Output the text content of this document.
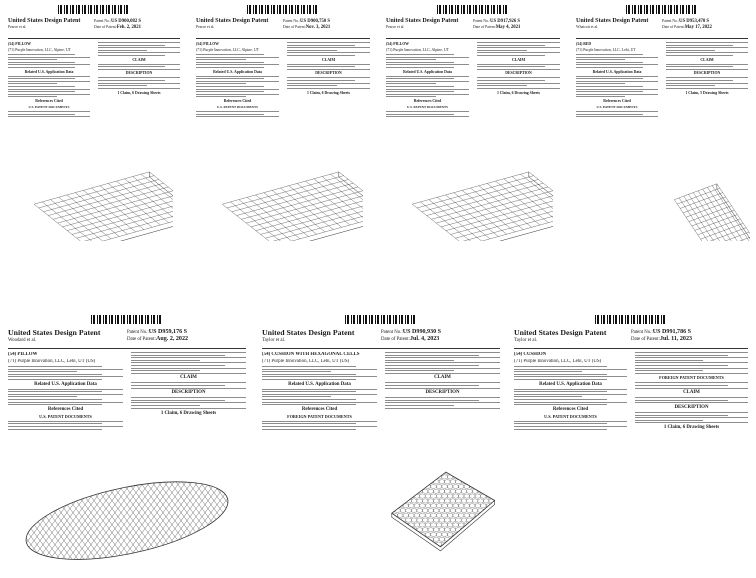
United States Design Patent
Pearce et al.
Patent No.:US D900,082 S
Date of Patent:Feb. 2, 2021
(54) PILLOW
(71) Purple Innovation, LLC, Alpine, UT
Related U.S. Application Data
References Cited
U.S. PATENT DOCUMENTS
CLAIM
DESCRIPTION
1 Claim, 6 Drawing Sheets
United States Design Patent
Pearce et al.
Patent No.:US D900,750 S
Date of Patent:Nov. 3, 2021
(54) PILLOW
(71) Purple Innovation, LLC, Alpine, UT
Related U.S. Application Data
References Cited
U.S. PATENT DOCUMENTS
CLAIM
DESCRIPTION
1 Claim, 6 Drawing Sheets
United States Design Patent
Pearce et al.
Patent No.:US D917,926 S
Date of Patent:May 4, 2021
(54) PILLOW
(71) Purple Innovation, LLC, Alpine, UT
Related U.S. Application Data
References Cited
U.S. PATENT DOCUMENTS
CLAIM
DESCRIPTION
1 Claim, 6 Drawing Sheets
United States Design Patent
Whatcott et al.
Patent No.:US D953,470 S
Date of Patent:May 17, 2022
(54) BED
(71) Purple Innovation, LLC, Lehi, UT
Related U.S. Application Data
References Cited
U.S. PATENT DOCUMENTS
CLAIM
DESCRIPTION
1 Claim, 5 Drawing Sheets
United States Design Patent
Woodard et al.
Patent No.:US D959,176 S
Date of Patent:Aug. 2, 2022
(54) PILLOW
(71) Purple Innovation, LLC, Lehi, UT (US)
Related U.S. Application Data
References Cited
U.S. PATENT DOCUMENTS
CLAIM
DESCRIPTION
1 Claim, 6 Drawing Sheets
United States Design Patent
Taylor et al.
Patent No.:US D990,930 S
Date of Patent:Jul. 4, 2023
(54) CUSHION WITH HEXAGONAL CELLS
(71) Purple Innovation, LLC, Lehi, UT (US)
Related U.S. Application Data
References Cited
FOREIGN PATENT DOCUMENTS
CLAIM
DESCRIPTION
United States Design Patent
Taylor et al.
Patent No.:US D991,786 S
Date of Patent:Jul. 11, 2023
(54) CUSHION
(71) Purple Innovation, LLC, Lehi, UT (US)
Related U.S. Application Data
References Cited
U.S. PATENT DOCUMENTS
FOREIGN PATENT DOCUMENTS
CLAIM
DESCRIPTION
1 Claim, 6 Drawing Sheets
